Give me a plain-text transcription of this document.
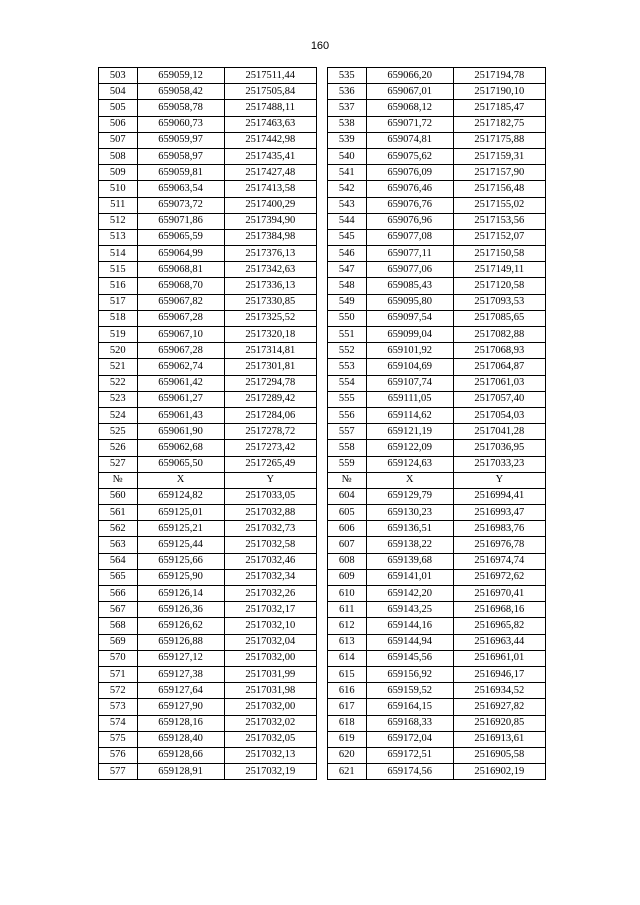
160
503	659059,12	2517511,44		535	659066,20	2517194,78
504	659058,42	2517505,84		536	659067,01	2517190,10
505	659058,78	2517488,11		537	659068,12	2517185,47
506	659060,73	2517463,63		538	659071,72	2517182,75
507	659059,97	2517442,98		539	659074,81	2517175,88
508	659058,97	2517435,41		540	659075,62	2517159,31
509	659059,81	2517427,48		541	659076,09	2517157,90
510	659063,54	2517413,58		542	659076,46	2517156,48
511	659073,72	2517400,29		543	659076,76	2517155,02
512	659071,86	2517394,90		544	659076,96	2517153,56
513	659065,59	2517384,98		545	659077,08	2517152,07
514	659064,99	2517376,13		546	659077,11	2517150,58
515	659068,81	2517342,63		547	659077,06	2517149,11
516	659068,70	2517336,13		548	659085,43	2517120,58
517	659067,82	2517330,85		549	659095,80	2517093,53
518	659067,28	2517325,52		550	659097,54	2517085,65
519	659067,10	2517320,18		551	659099,04	2517082,88
520	659067,28	2517314,81		552	659101,92	2517068,93
521	659062,74	2517301,81		553	659104,69	2517064,87
522	659061,42	2517294,78		554	659107,74	2517061,03
523	659061,27	2517289,42		555	659111,05	2517057,40
524	659061,43	2517284,06		556	659114,62	2517054,03
525	659061,90	2517278,72		557	659121,19	2517041,28
526	659062,68	2517273,42		558	659122,09	2517036,95
527	659065,50	2517265,49		559	659124,63	2517033,23
№	X	Y		№	X	Y
560	659124,82	2517033,05		604	659129,79	2516994,41
561	659125,01	2517032,88		605	659130,23	2516993,47
562	659125,21	2517032,73		606	659136,51	2516983,76
563	659125,44	2517032,58		607	659138,22	2516976,78
564	659125,66	2517032,46		608	659139,68	2516974,74
565	659125,90	2517032,34		609	659141,01	2516972,62
566	659126,14	2517032,26		610	659142,20	2516970,41
567	659126,36	2517032,17		611	659143,25	2516968,16
568	659126,62	2517032,10		612	659144,16	2516965,82
569	659126,88	2517032,04		613	659144,94	2516963,44
570	659127,12	2517032,00		614	659145,56	2516961,01
571	659127,38	2517031,99		615	659156,92	2516946,17
572	659127,64	2517031,98		616	659159,52	2516934,52
573	659127,90	2517032,00		617	659164,15	2516927,82
574	659128,16	2517032,02		618	659168,33	2516920,85
575	659128,40	2517032,05		619	659172,04	2516913,61
576	659128,66	2517032,13		620	659172,51	2516905,58
577	659128,91	2517032,19		621	659174,56	2516902,19
